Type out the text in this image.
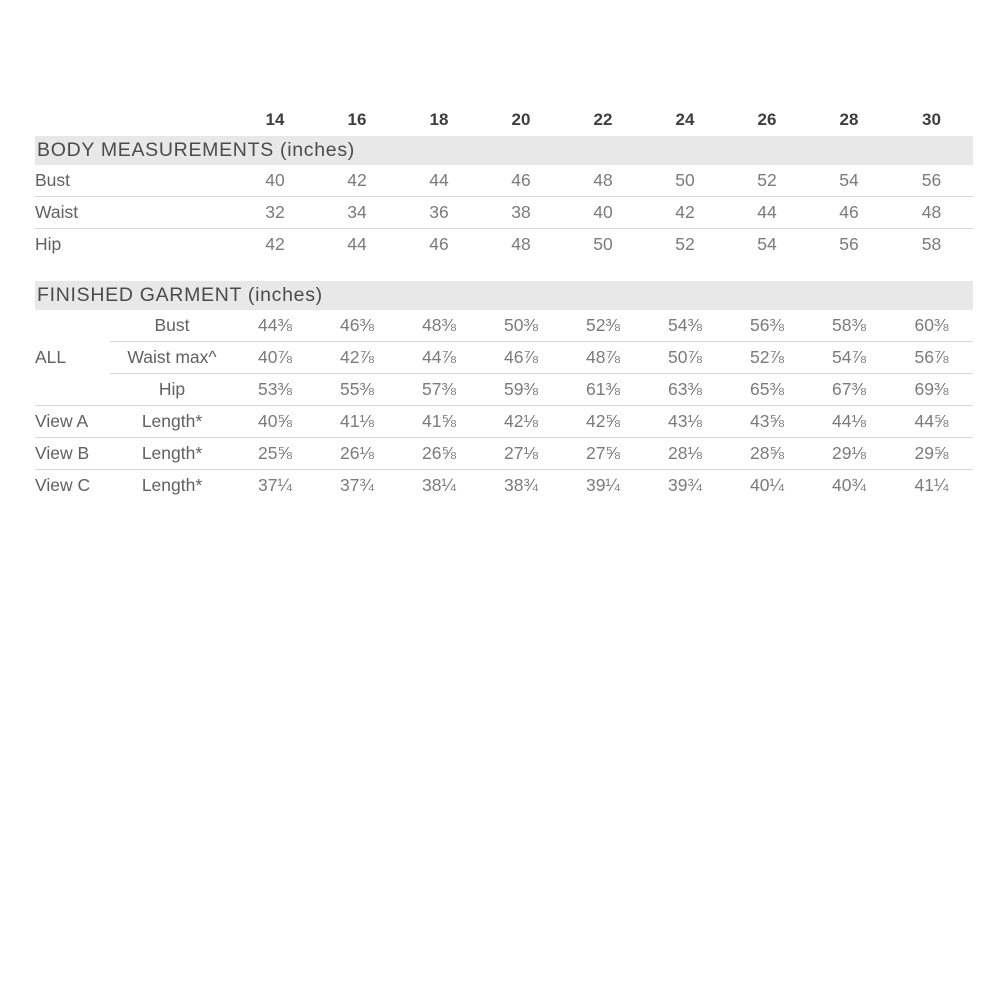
		14	16	18	20	22	24	26	28	30
BODY MEASUREMENTS (inches)										
Bust		40	42	44	46	48	50	52	54	56
Waist		32	34	36	38	40	42	44	46	48
Hip		42	44	46	48	50	52	54	56	58

FINISHED GARMENT (inches)										
ALL	Bust	44⅜	46⅜	48⅜	50⅜	52⅜	54⅜	56⅜	58⅜	60⅜
	Waist max^	40⅞	42⅞	44⅞	46⅞	48⅞	50⅞	52⅞	54⅞	56⅞
	Hip	53⅜	55⅜	57⅜	59⅜	61⅜	63⅜	65⅜	67⅜	69⅜
View A	Length*	40⅝	41⅛	41⅝	42⅛	42⅝	43⅛	43⅝	44⅛	44⅝
View B	Length*	25⅝	26⅛	26⅝	27⅛	27⅝	28⅛	28⅝	29⅛	29⅝
View C	Length*	37¼	37¾	38¼	38¾	39¼	39¾	40¼	40¾	41¼
